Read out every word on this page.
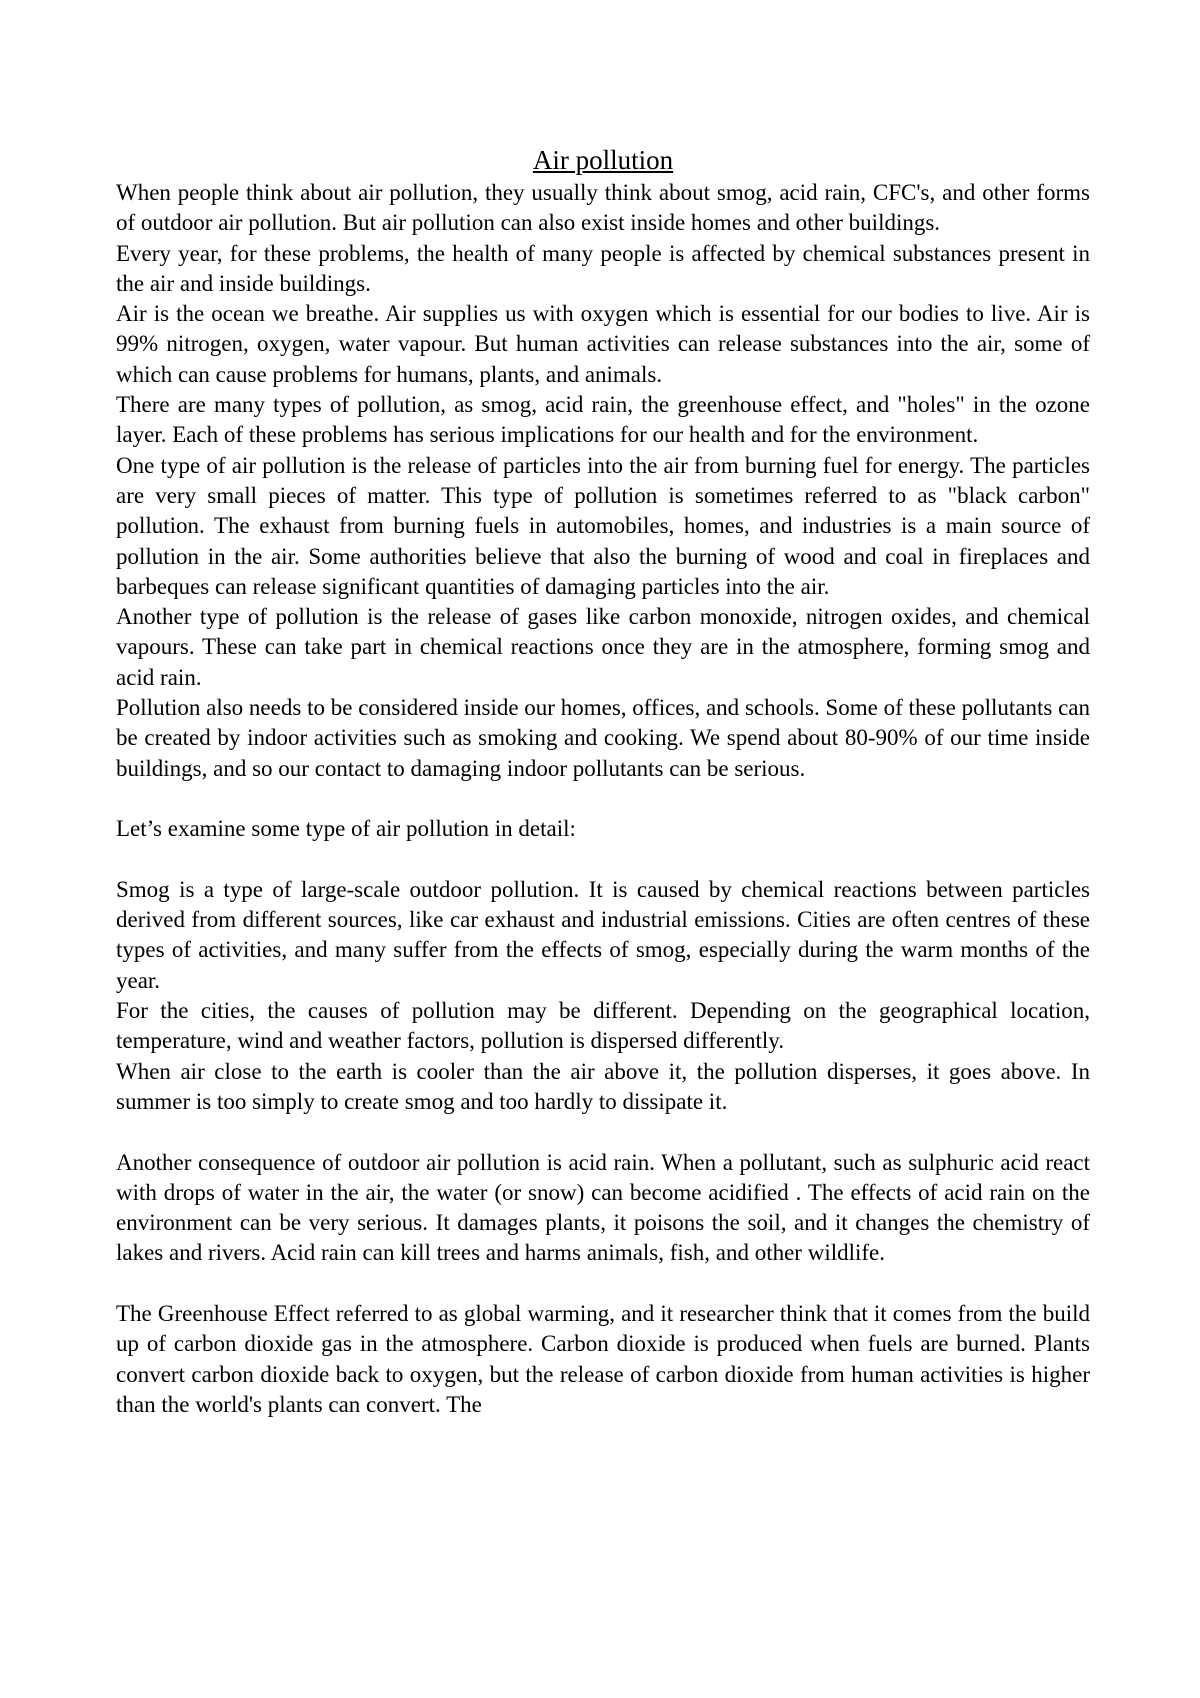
Air pollution

When people think about air pollution, they usually think about smog, acid rain, CFC's, and other forms of outdoor air pollution. But air pollution can also exist inside homes and other buildings.

Every year, for these problems, the health of many people is affected by chemical substances present in the air and inside buildings.

Air is the ocean we breathe. Air supplies us with oxygen which is essential for our bodies to live. Air is 99% nitrogen, oxygen, water vapour. But human activities can release substances into the air, some of which can cause problems for humans, plants, and animals.

There are many types of pollution, as smog, acid rain, the greenhouse effect, and "holes" in the ozone layer. Each of these problems has serious implications for our health and for the environment.

One type of air pollution is the release of particles into the air from burning fuel for energy. The particles are very small pieces of matter. This type of pollution is sometimes referred to as "black carbon" pollution. The exhaust from burning fuels in automobiles, homes, and industries is a main source of pollution in the air. Some authorities believe that also the burning of wood and coal in fireplaces and barbeques can release significant quantities of damaging particles into the air.

Another type of pollution is the release of gases like carbon monoxide, nitrogen oxides, and chemical vapours. These can take part in chemical reactions once they are in the atmosphere, forming smog and acid rain.

Pollution also needs to be considered inside our homes, offices, and schools. Some of these pollutants can be created by indoor activities such as smoking and cooking. We spend about 80-90% of our time inside buildings, and so our contact to damaging indoor pollutants can be serious.

Let’s examine some type of air pollution in detail:

Smog is a type of large-scale outdoor pollution. It is caused by chemical reactions between particles derived from different sources, like car exhaust and industrial emissions. Cities are often centres of these types of activities, and many suffer from the effects of smog, especially during the warm months of the year.

For the cities, the causes of pollution may be different. Depending on the geographical location, temperature, wind and weather factors, pollution is dispersed differently.

When air close to the earth is cooler than the air above it, the pollution disperses, it goes above. In summer is too simply to create smog and too hardly to dissipate it.

Another consequence of outdoor air pollution is acid rain. When a pollutant, such as sulphuric acid react with drops of water in the air, the water (or snow) can become acidified . The effects of acid rain on the environment can be very serious. It damages plants, it poisons the soil, and it changes the chemistry of lakes and rivers. Acid rain can kill trees and harms animals, fish, and other wildlife.

The Greenhouse Effect referred to as global warming, and it researcher think that it comes from the build up of carbon dioxide gas in the atmosphere. Carbon dioxide is produced when fuels are burned. Plants convert carbon dioxide back to oxygen, but the release of carbon dioxide from human activities is higher than the world's plants can convert. The
